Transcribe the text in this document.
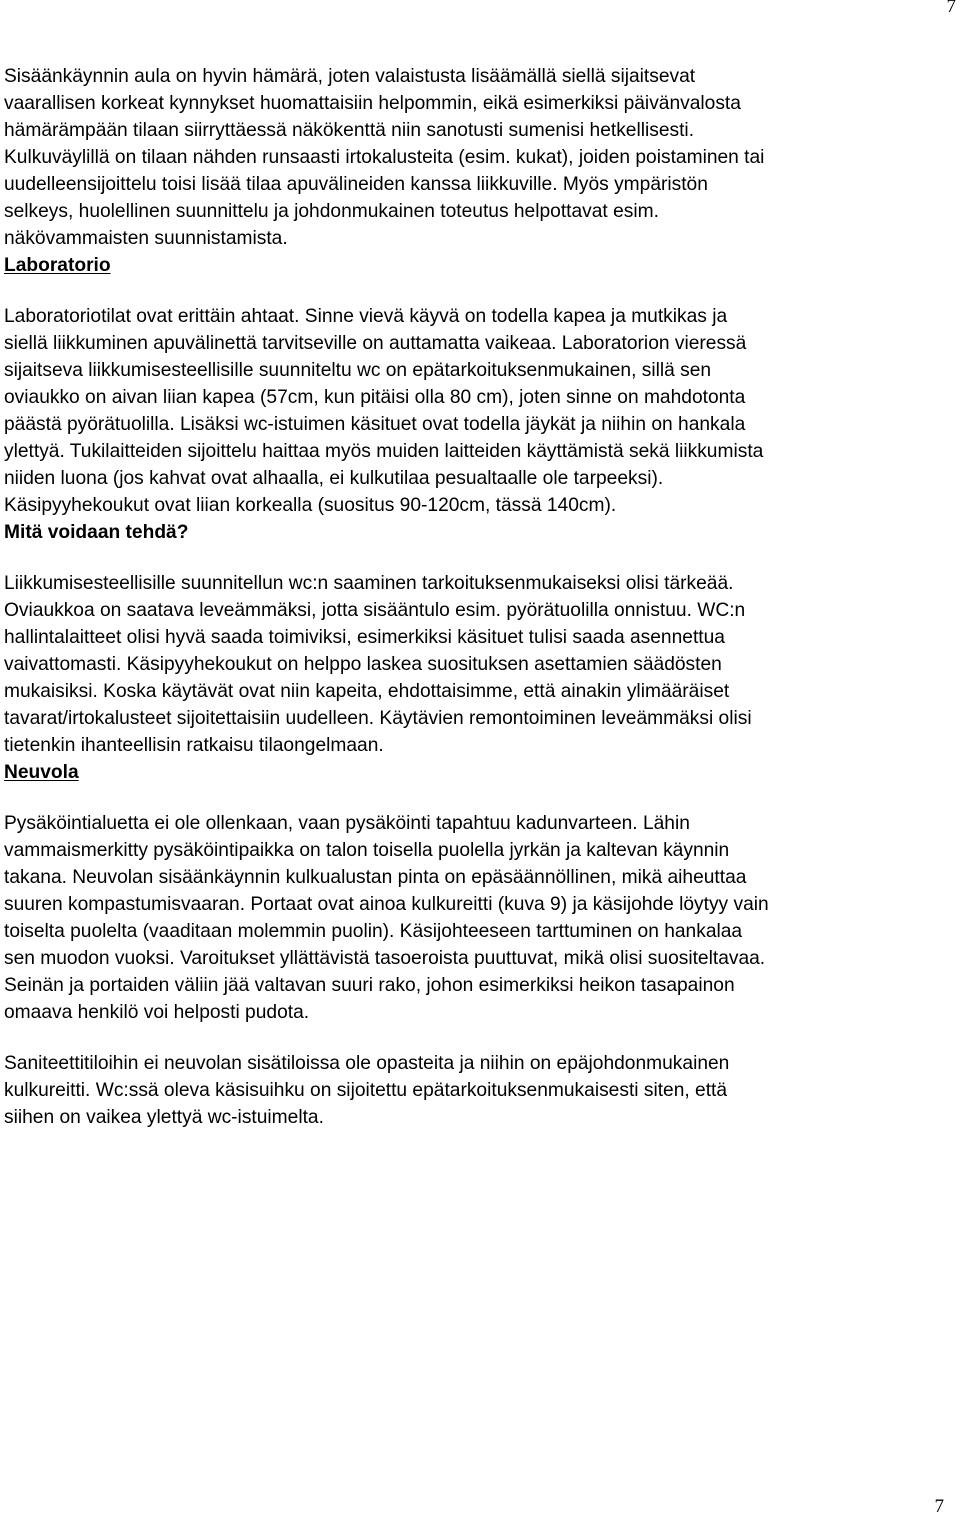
7

Sisäänkäynnin aula on hyvin hämärä, joten valaistusta lisäämällä siellä sijaitsevat
vaarallisen korkeat kynnykset huomattaisiin helpommin, eikä esimerkiksi päivänvalosta
hämärämpään tilaan siirryttäessä näkökenttä niin sanotusti sumenisi hetkellisesti.
Kulkuväylillä on tilaan nähden runsaasti irtokalusteita (esim. kukat), joiden poistaminen tai
uudelleensijoittelu toisi lisää tilaa apuvälineiden kanssa liikkuville. Myös ympäristön
selkeys, huolellinen suunnittelu ja johdonmukainen toteutus helpottavat esim.
näkövammaisten suunnistamista.

Laboratorio

Laboratoriotilat ovat erittäin ahtaat. Sinne vievä käyvä on todella kapea ja mutkikas ja
siellä liikkuminen apuvälinettä tarvitseville on auttamatta vaikeaa. Laboratorion vieressä
sijaitseva liikkumisesteellisille suunniteltu wc on epätarkoituksenmukainen, sillä sen
oviaukko on aivan liian kapea (57cm, kun pitäisi olla 80 cm), joten sinne on mahdotonta
päästä pyörätuolilla. Lisäksi wc-istuimen käsituet ovat todella jäykät ja niihin on hankala
ylettyä. Tukilaitteiden sijoittelu haittaa myös muiden laitteiden käyttämistä sekä liikkumista
niiden luona (jos kahvat ovat alhaalla, ei kulkutilaa pesualtaalle ole tarpeeksi).
Käsipyyhekoukut ovat liian korkealla (suositus 90-120cm, tässä 140cm).

Mitä voidaan tehdä?

Liikkumisesteellisille suunnitellun wc:n saaminen tarkoituksenmukaiseksi olisi tärkeää.
Oviaukkoa on saatava leveämmäksi, jotta sisääntulo esim. pyörätuolilla onnistuu. WC:n
hallintalaitteet olisi hyvä saada toimiviksi, esimerkiksi käsituet tulisi saada asennettua
vaivattomasti. Käsipyyhekoukut on helppo laskea suosituksen asettamien säädösten
mukaisiksi. Koska käytävät ovat niin kapeita, ehdottaisimme, että ainakin ylimääräiset
tavarat/irtokalusteet sijoitettaisiin uudelleen. Käytävien remontoiminen leveämmäksi olisi
tietenkin ihanteellisin ratkaisu tilaongelmaan.

Neuvola

Pysäköintialuetta ei ole ollenkaan, vaan pysäköinti tapahtuu kadunvarteen. Lähin
vammaismerkitty pysäköintipaikka on talon toisella puolella jyrkän ja kaltevan käynnin
takana. Neuvolan sisäänkäynnin kulkualustan pinta on epäsäännöllinen, mikä aiheuttaa
suuren kompastumisvaaran. Portaat ovat ainoa kulkureitti (kuva 9) ja käsijohde löytyy vain
toiselta puolelta (vaaditaan molemmin puolin). Käsijohteeseen tarttuminen on hankalaa
sen muodon vuoksi. Varoitukset yllättävistä tasoeroista puuttuvat, mikä olisi suositeltavaa.
Seinän ja portaiden väliin jää valtavan suuri rako, johon esimerkiksi heikon tasapainon
omaava henkilö voi helposti pudota.

Saniteettitiloihin ei neuvolan sisätiloissa ole opasteita ja niihin on epäjohdonmukainen
kulkureitti. Wc:ssä oleva käsisuihku on sijoitettu epätarkoituksenmukaisesti siten, että
siihen on vaikea ylettyä wc-istuimelta.

7
